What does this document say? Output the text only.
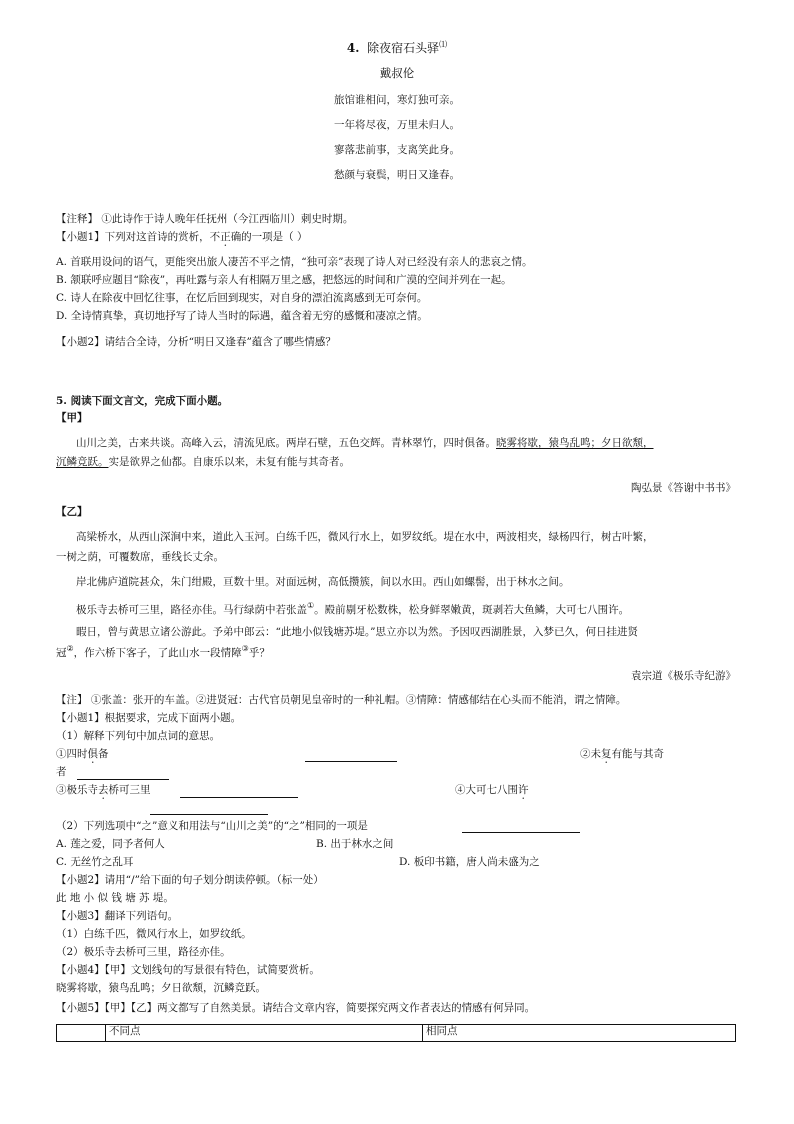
4. 除夜宿石头驿⑴
戴叔伦
旅馆谁相问，寒灯独可亲。
一年将尽夜，万里未归人。
寥落悲前事，支离笑此身。
愁颜与衰鬓，明日又逢春。
【注释】 ①此诗作于诗人晚年任抚州（今江西临川）刺史时期。
【小题1】下列对这首诗的赏析，不正确的一项是（ ）
A. 首联用设问的语气，更能突出旅人凄苦不平之情，“独可亲”表现了诗人对已经没有亲人的悲哀之情。
B. 颔联呼应题目“除夜”，再吐露与亲人有相隔万里之感，把悠远的时间和广漠的空间并列在一起。
C. 诗人在除夜中回忆往事，在忆后回到现实，对自身的漂泊流离感到无可奈何。
D. 全诗情真挚，真切地抒写了诗人当时的际遇，蕴含着无穷的感慨和凄凉之情。
【小题2】请结合全诗，分析“明日又逢春”蕴含了哪些情感？
5. 阅读下面文言文，完成下面小题。
【甲】
山川之美，古来共谈。高峰入云，清流见底。两岸石壁，五色交辉。青林翠竹，四时俱备。晓雾将歇，猿鸟乱鸣；夕日欲颓，
沉鳞竞跃。实是欲界之仙都。自康乐以来，未复有能与其奇者。
陶弘景《答谢中书书》
【乙】
高梁桥水，从西山深涧中来，道此入玉河。白练千匹，微风行水上，如罗纹纸。堤在水中，两波相夹，绿杨四行，树古叶繁，
一树之荫，可覆数席，垂线长丈余。
岸北佛庐道院甚众，朱门绀殿，亘数十里。对面远树，高低攒簇，间以水田。西山如螺髻，出于林水之间。
极乐寺去桥可三里，路径亦佳。马行绿荫中若张盖①。殿前剔牙松数株，松身鲜翠嫩黄，斑剥若大鱼鳞，大可七八围许。
暇日，曾与黄思立诸公游此。予弟中郎云：“此地小似钱塘苏堤。”思立亦以为然。予因叹西湖胜景，入梦已久，何日挂进贤
冠②，作六桥下客子，了此山水一段情障③乎？
袁宗道《极乐寺纪游》
【注】 ①张盖：张开的车盖。②进贤冠：古代官员朝见皇帝时的一种礼帽。③情障：情感郁结在心头而不能消，谓之情障。
【小题1】根据要求，完成下面两小题。
（1）解释下列句中加点词的意思。
①四时俱备	②未复有能与其奇
者
③极乐寺去桥可三里	④大可七八围许
（2）下列选项中“之”意义和用法与“山川之美”的“之”相同的一项是
A. 莲之爱，同予者何人	B. 出于林水之间
C. 无丝竹之乱耳	D. 板印书籍，唐人尚未盛为之
【小题2】请用“/”给下面的句子划分朗读停顿。（标一处）
此 地 小 似 钱 塘 苏 堤。
【小题3】翻译下列语句。
（1）白练千匹，微风行水上，如罗纹纸。
（2）极乐寺去桥可三里，路径亦佳。
【小题4】【甲】文划线句的写景很有特色，试简要赏析。
晓雾将歇，猿鸟乱鸣；夕日欲颓，沉鳞竞跃。
【小题5】【甲】【乙】两文都写了自然美景。请结合文章内容，简要探究两文作者表达的情感有何异同。
	不同点	相同点
